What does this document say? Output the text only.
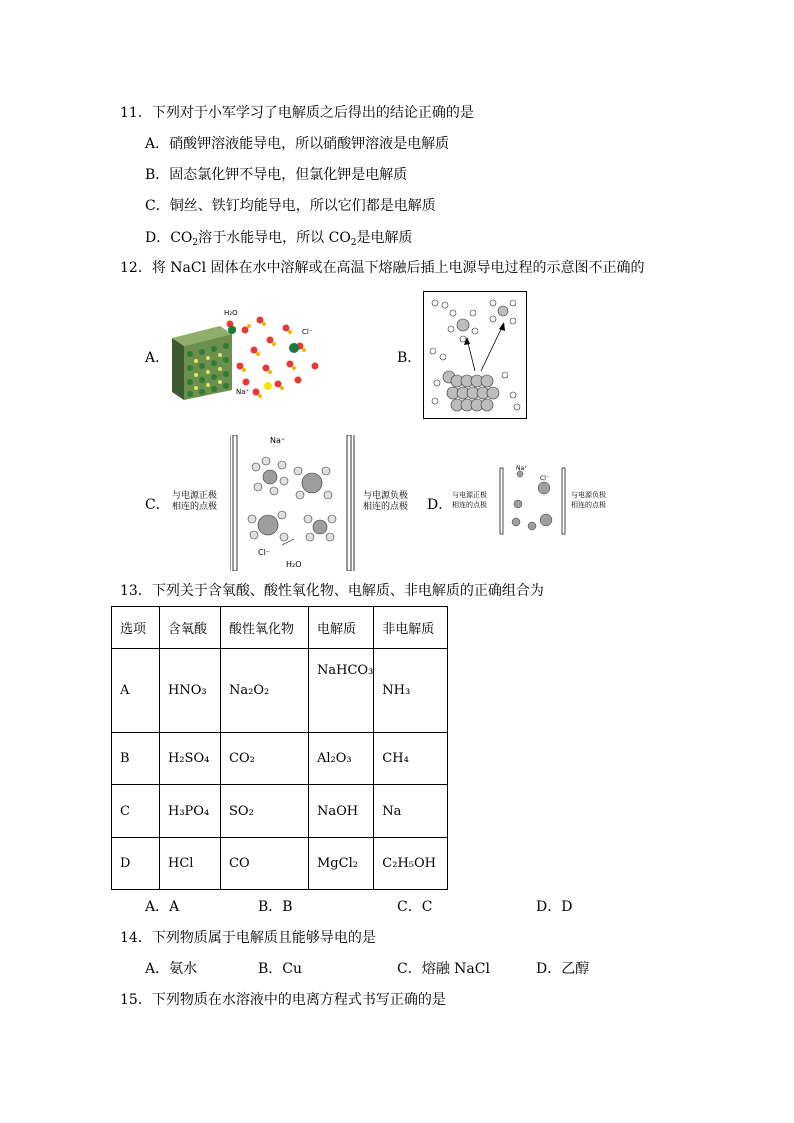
11．下列对于小军学习了电解质之后得出的结论正确的是
A．硝酸钾溶液能导电，所以硝酸钾溶液是电解质
B．固态氯化钾不导电，但氯化钾是电解质
C．铜丝、铁钉均能导电，所以它们都是电解质
D．$CO_2$溶于水能导电，所以 $CO_2$是电解质
12．将 NaCl 固体在水中溶解或在高温下熔融后插上电源导电过程的示意图不正确的
A．
H₂O
Cl⁻
Na⁺
B．
C．
与电源正极
相连的点极
Na⁺
Cl⁻
H₂O
与电源负极
相连的点极 D．
与电源正极
相连的点极
Na⁺
Cl⁻
与电源负极
相连的点极
13．下列关于含氧酸、酸性氧化物、电解质、非电解质的正确组合为
选项	含氧酸	酸性氧化物	电解质	非电解质
A	HNO₃	Na₂O₂	NaHCO₃	NH₃
B	H₂SO₄	CO₂	Al₂O₃	CH₄
C	H₃PO₄	SO₂	NaOH	Na
D	HCl	CO	MgCl₂	C₂H₅OH
A．A	B．B	C．C	D．D
14．下列物质属于电解质且能够导电的是
A．氨水	B．Cu	C．熔融 NaCl	D．乙醇
15．下列物质在水溶液中的电离方程式书写正确的是
